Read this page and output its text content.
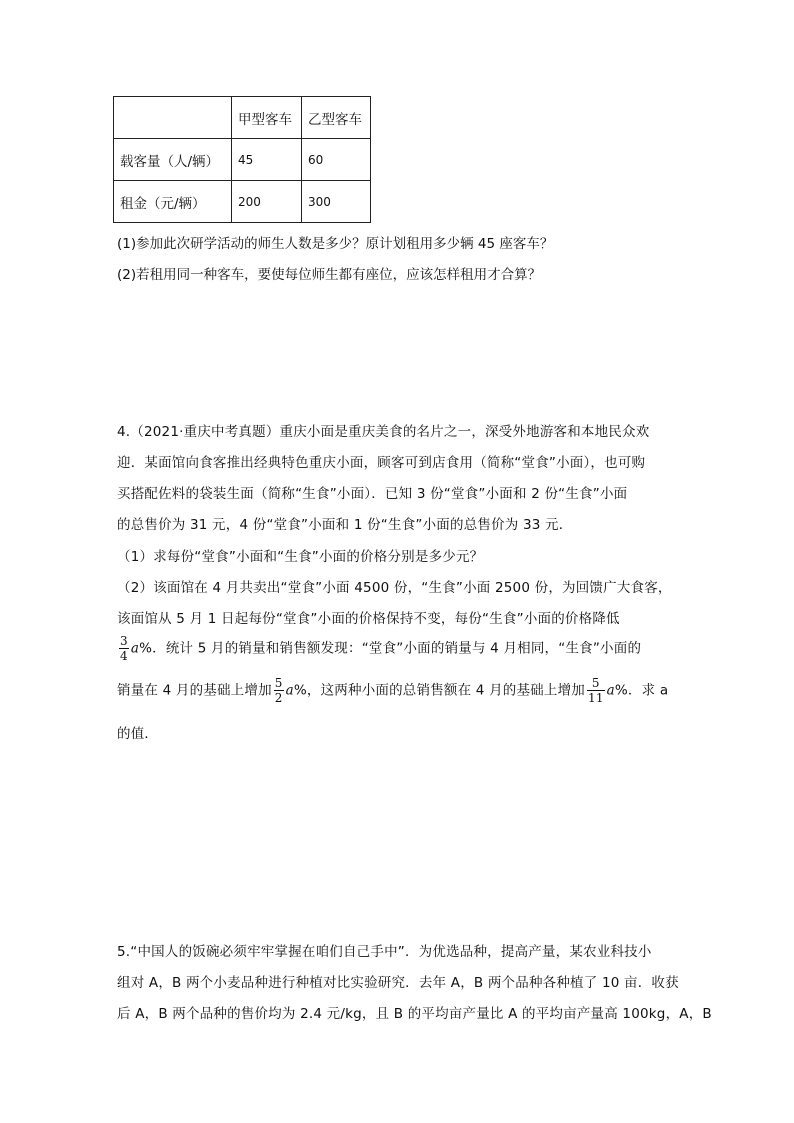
	甲型客车	乙型客车
载客量（人/辆）	45	60
租金（元/辆）	200	300
(1)参加此次研学活动的师生人数是多少？原计划租用多少辆 45 座客车？
(2)若租用同一种客车，要使每位师生都有座位，应该怎样租用才合算？
4.（2021·重庆中考真题）重庆小面是重庆美食的名片之一，深受外地游客和本地民众欢
迎．某面馆向食客推出经典特色重庆小面，顾客可到店食用（简称“堂食”小面），也可购
买搭配佐料的袋装生面（简称“生食”小面）．已知 3 份“堂食”小面和 2 份“生食”小面
的总售价为 31 元，4 份“堂食”小面和 1 份“生食”小面的总售价为 33 元．
（1）求每份“堂食”小面和“生食”小面的价格分别是多少元？
（2）该面馆在 4 月共卖出“堂食”小面 4500 份，“生食”小面 2500 份，为回馈广大食客，
该面馆从 5 月 1 日起每份“堂食”小面的价格保持不变，每份“生食”小面的价格降低
$\frac{3}{4} a\%$．统计 5 月的销量和销售额发现：“堂食”小面的销量与 4 月相同，“生食”小面的
销量在 4 月的基础上增加 $\frac{5}{2} a\%$，这两种小面的总销售额在 4 月的基础上增加 $\frac{5}{11} a\%$．求 a
的值．
5.“中国人的饭碗必须牢牢掌握在咱们自己手中”．为优选品种，提高产量，某农业科技小
组对 A，B 两个小麦品种进行种植对比实验研究．去年 A，B 两个品种各种植了 10 亩．收获
后 A，B 两个品种的售价均为 2.4 元/kg，且 B 的平均亩产量比 A 的平均亩产量高 100kg，A，B
